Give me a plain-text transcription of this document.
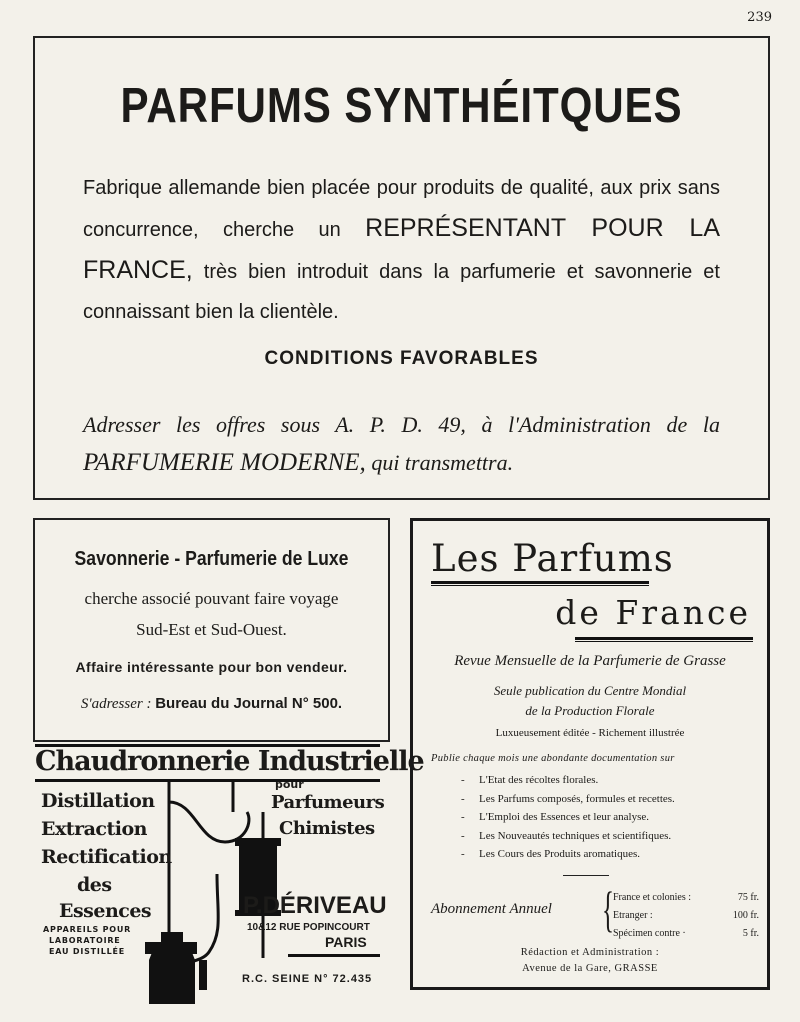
239
PARFUMS SYNTHÉITQUES

Fabrique allemande bien placée pour produits de qualité, aux prix sans concurrence, cherche un REPRÉSENTANT POUR LA FRANCE, très bien introduit dans la parfumerie et savonnerie et connaissant bien la clientèle.

CONDITIONS FAVORABLES

Adresser les offres sous A. P. D. 49, à l'Administration de la PARFUMERIE MODERNE, qui transmettra.

Savonnerie - Parfumerie de Luxe
cherche associé pouvant faire voyage
Sud-Est et Sud-Ouest.
Affaire intéressante pour bon vendeur.
S'adresser : Bureau du Journal N° 500.
Chaudronnerie Industrielle
pour
Distillation
Extraction
Rectification
des
Essences
APPAREILS POUR
LABORATOIRE
EAU DISTILLÉE
Parfumeurs
Chimistes
P.DÉRIVEAU
10&12 RUE POPINCOURT
PARIS
R.C. SEINE N° 72.435
Les Parfums
de France
Revue Mensuelle de la Parfumerie de Grasse
Seule publication du Centre Mondial
de la Production Florale
Luxueusement éditée - Richement illustrée
Publie chaque mois une abondante documentation sur
- L'Etat des récoltes florales.
- Les Parfums composés, formules et recettes.
- L'Emploi des Essences et leur analyse.
- Les Nouveautés techniques et scientifiques.
- Les Cours des Produits aromatiques.
Abonnement Annuel { France et colonies :	75 fr.
Etranger :	100 fr.
Spécimen contre ·	5 fr.
Rédaction et Administration :
Avenue de la Gare, GRASSE
